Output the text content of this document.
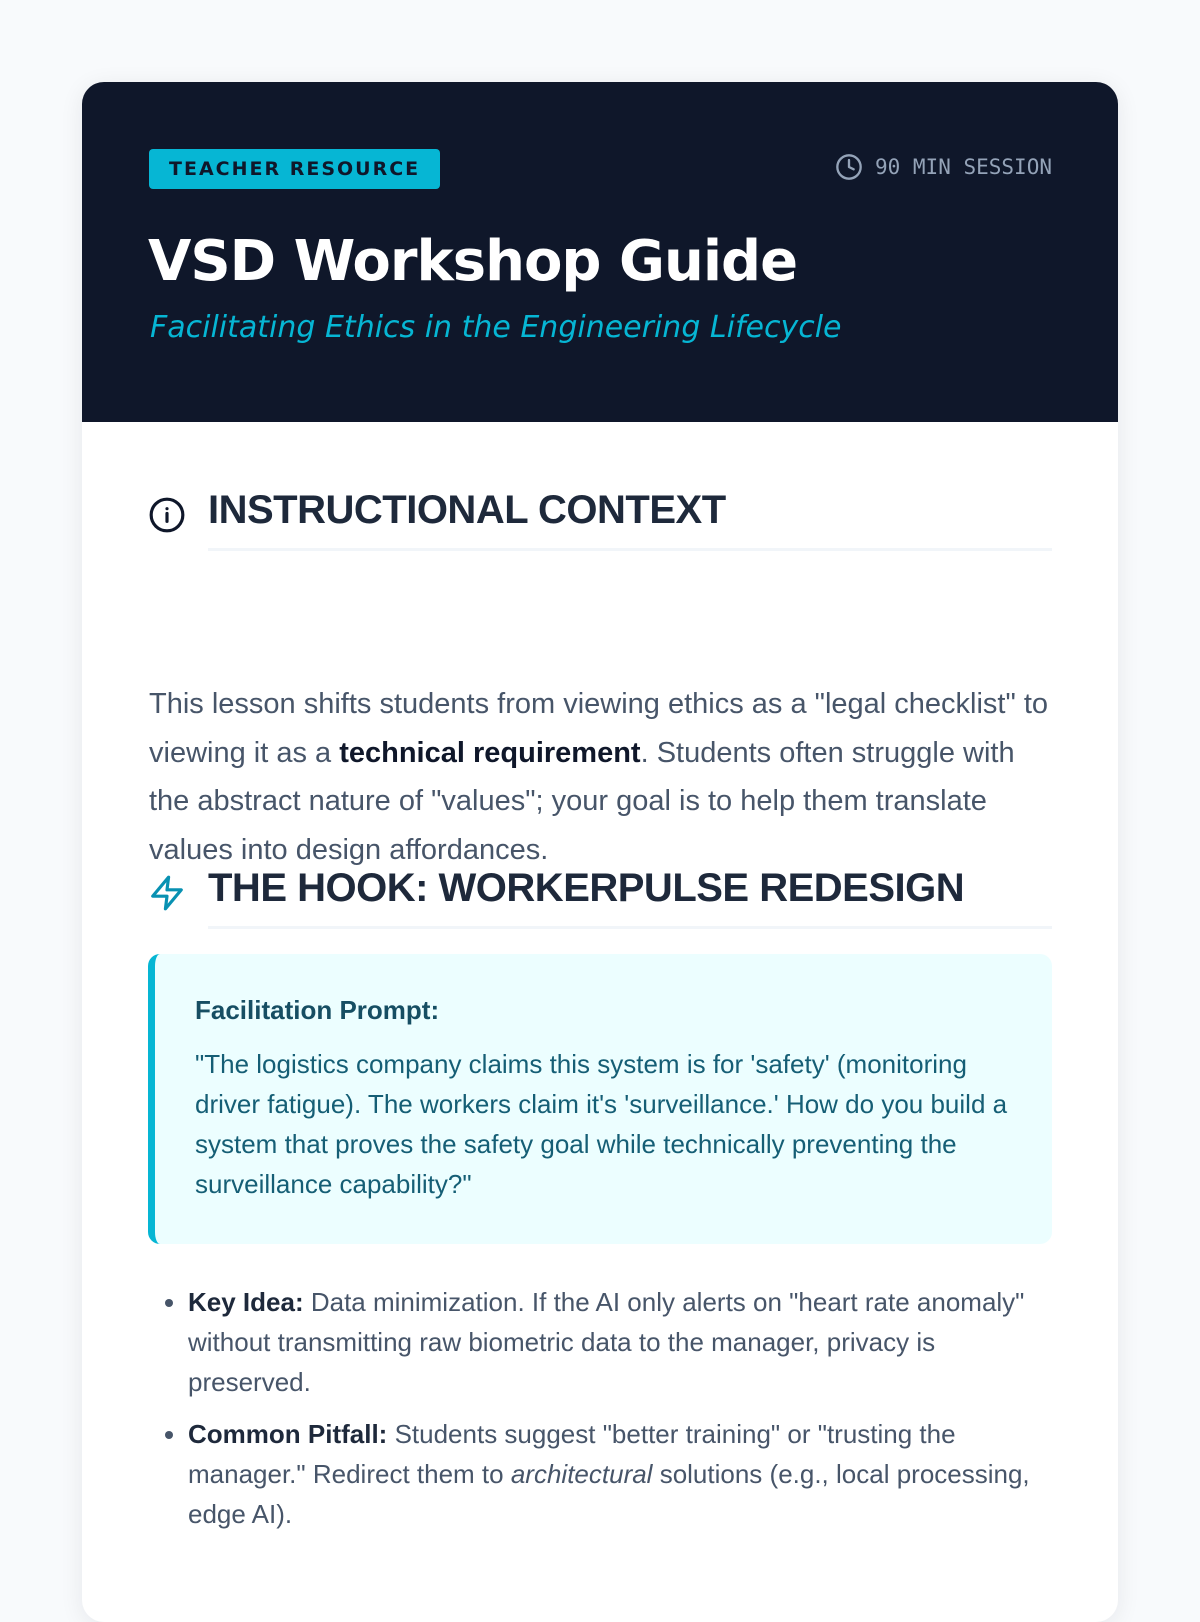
TEACHER RESOURCE	90 MIN SESSION
VSD Workshop Guide

Facilitating Ethics in the Engineering Lifecycle

INSTRUCTIONAL CONTEXT

This lesson shifts students from viewing ethics as a "legal checklist" to viewing it as a technical requirement. Students often struggle with the abstract nature of "values"; your goal is to help them translate values into design affordances.

THE HOOK: WORKERPULSE REDESIGN
Facilitation Prompt:

"The logistics company claims this system is for 'safety' (monitoring driver fatigue). The workers claim it's 'surveillance.' How do you build a system that proves the safety goal while technically preventing the surveillance capability?"

• Key Idea: Data minimization. If the AI only alerts on "heart rate anomaly" without transmitting raw biometric data to the manager, privacy is preserved.
• Common Pitfall: Students suggest "better training" or "trusting the manager." Redirect them to architectural solutions (e.g., local processing, edge AI).
